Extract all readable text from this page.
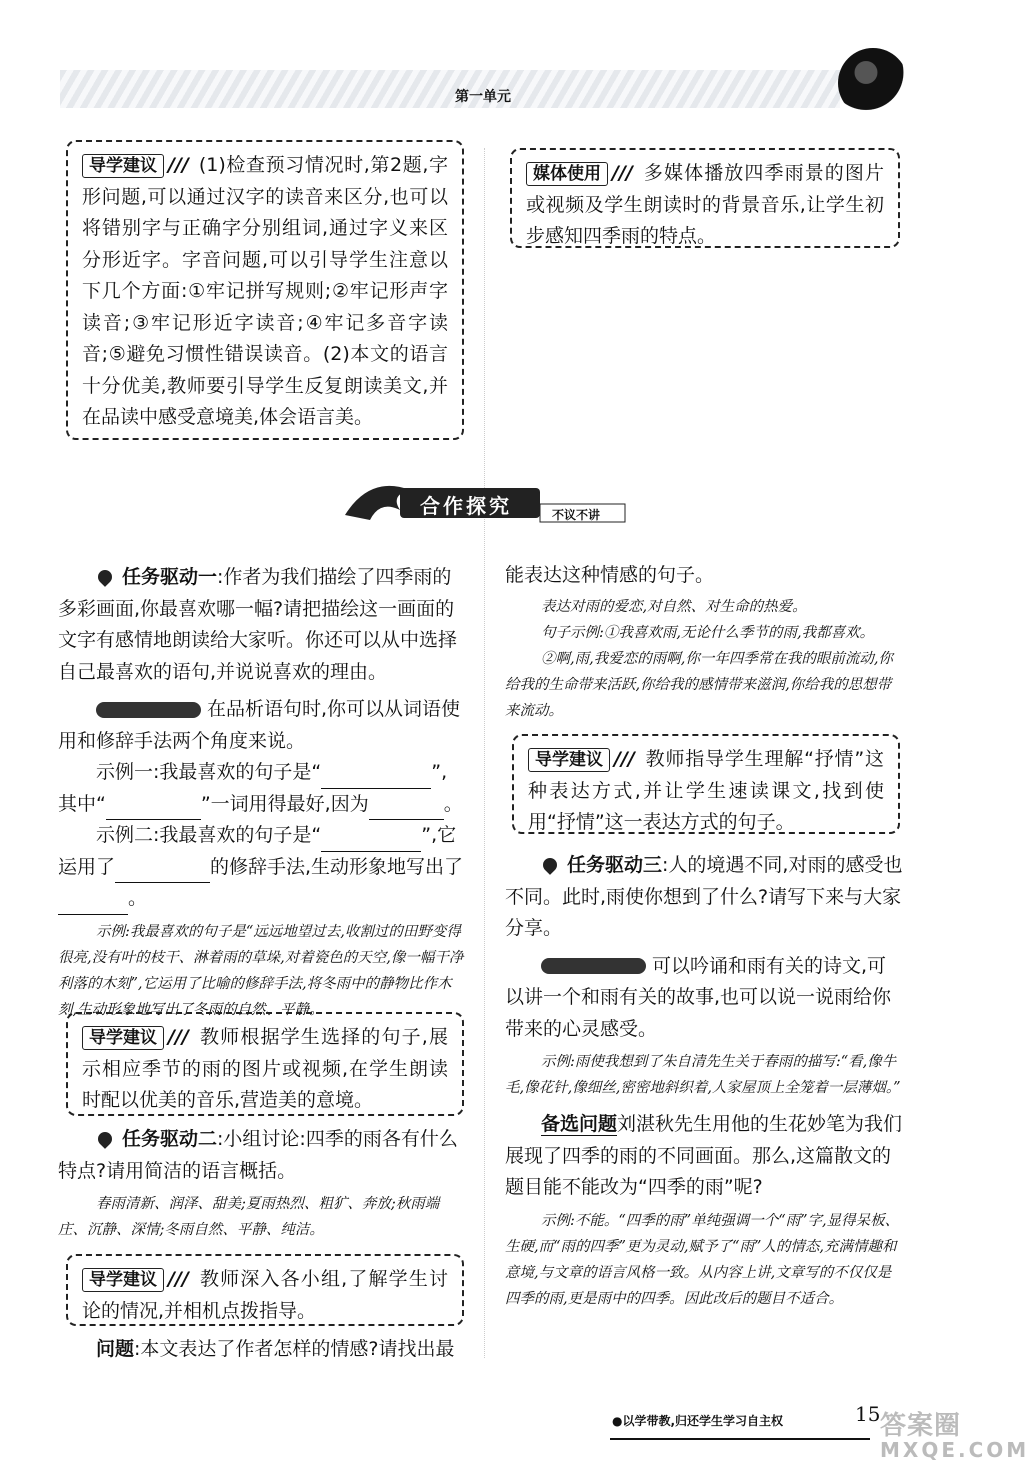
第一单元
导学建议 /// (1)检查预习情况时,第2题,字形问题,可以通过汉字的读音来区分,也可以将错别字与正确字分别组词,通过字义来区分形近字。字音问题,可以引导学生注意以下几个方面:①牢记拼写规则;②牢记形声字读音;③牢记形近字读音;④牢记多音字读音;⑤避免习惯性错误读音。(2)本文的语言十分优美,教师要引导学生反复朗读美文,并在品读中感受意境美,体会语言美。
媒体使用 /// 多媒体播放四季雨景的图片或视频及学生朗读时的背景音乐,让学生初步感知四季雨的特点。
合作探究	不议不讲

任务驱动一:作者为我们描绘了四季雨的多彩画面,你最喜欢哪一幅?请把描绘这一画面的文字有感情地朗读给大家听。你还可以从中选择自己最喜欢的语句,并说说喜欢的理由。

在品析语句时,你可以从词语使用和修辞手法两个角度来说。

示例一:我最喜欢的句子是“	”,其中“	”一词用得最好,因为	。

示例二:我最喜欢的句子是“	”,它运用了	的修辞手法,生动形象地写出了。

示例:我最喜欢的句子是“远远地望过去,收割过的田野变得很亮,没有叶的枝干、淋着雨的草垛,对着瓷色的天空,像一幅干净利落的木刻”,它运用了比喻的修辞手法,将冬雨中的静物比作木刻,生动形象地写出了冬雨的自然、平静。

导学建议 /// 教师根据学生选择的句子,展示相应季节的雨的图片或视频,在学生朗读时配以优美的音乐,营造美的意境。

任务驱动二:小组讨论:四季的雨各有什么特点?请用简洁的语言概括。

春雨清新、润泽、甜美;夏雨热烈、粗犷、奔放;秋雨端庄、沉静、深情;冬雨自然、平静、纯洁。

导学建议 /// 教师深入各小组,了解学生讨论的情况,并相机点拨指导。

问题:本文表达了作者怎样的情感?请找出最

能表达这种情感的句子。

表达对雨的爱恋,对自然、对生命的热爱。

句子示例:①我喜欢雨,无论什么季节的雨,我都喜欢。

②啊,雨,我爱恋的雨啊,你一年四季常在我的眼前流动,你给我的生命带来活跃,你给我的感情带来滋润,你给我的思想带来流动。

导学建议 /// 教师指导学生理解“抒情”这种表达方式,并让学生速读课文,找到使用“抒情”这一表达方式的句子。

任务驱动三:人的境遇不同,对雨的感受也不同。此时,雨使你想到了什么?请写下来与大家分享。

可以吟诵和雨有关的诗文,可以讲一个和雨有关的故事,也可以说一说雨给你带来的心灵感受。

示例:雨使我想到了朱自清先生关于春雨的描写:“看,像牛毛,像花针,像细丝,密密地斜织着,人家屋顶上全笼着一层薄烟。”

备选问题刘湛秋先生用他的生花妙笔为我们展现了四季的雨的不同画面。那么,这篇散文的题目能不能改为“四季的雨”呢?

示例:不能。“四季的雨”单纯强调一个“雨”字,显得呆板、生硬,而“雨的四季”更为灵动,赋予了“雨”人的情态,充满情趣和意境,与文章的语言风格一致。从内容上讲,文章写的不仅仅是四季的雨,更是雨中的四季。因此改后的题目不适合。

●以学带教,归还学生学习自主权	15 答案圈
MXQE.COM
